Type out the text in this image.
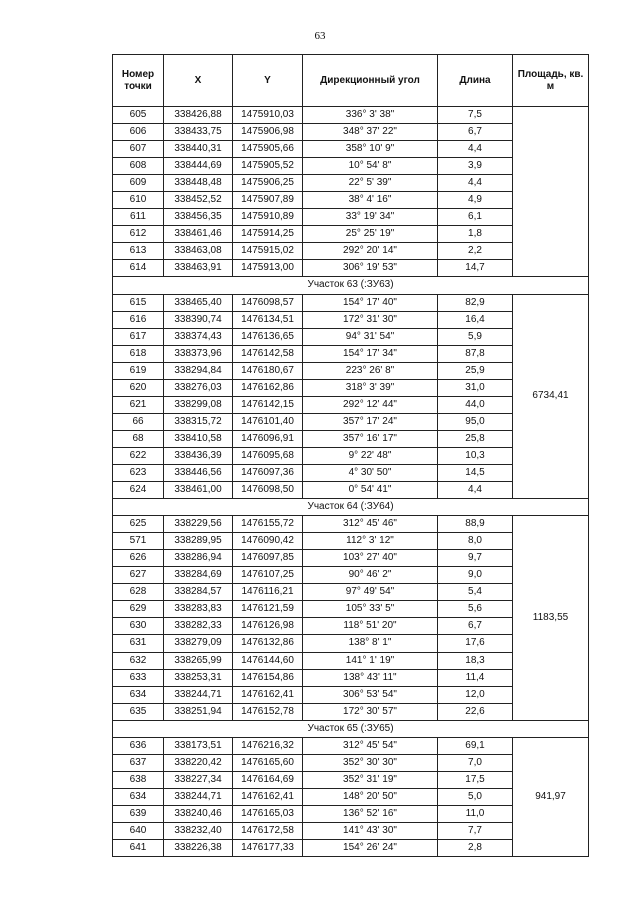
63
Номер точки	X	Y	Дирекционный угол	Длина	Площадь, кв. м
605	338426,88	1475910,03	336° 3' 38"	7,5	
606	338433,75	1475906,98	348° 37' 22"	6,7	
607	338440,31	1475905,66	358° 10' 9"	4,4	
608	338444,69	1475905,52	10° 54' 8"	3,9	
609	338448,48	1475906,25	22° 5' 39"	4,4	
610	338452,52	1475907,89	38° 4' 16"	4,9	
611	338456,35	1475910,89	33° 19' 34"	6,1	
612	338461,46	1475914,25	25° 25' 19"	1,8	
613	338463,08	1475915,02	292° 20' 14"	2,2	
614	338463,91	1475913,00	306° 19' 53"	14,7	
Участок 63 (:ЗУ63)					
615	338465,40	1476098,57	154° 17' 40"	82,9	6734,41
616	338390,74	1476134,51	172° 31' 30"	16,4	
617	338374,43	1476136,65	94° 31' 54"	5,9	
618	338373,96	1476142,58	154° 17' 34"	87,8	
619	338294,84	1476180,67	223° 26' 8"	25,9	
620	338276,03	1476162,86	318° 3' 39"	31,0	
621	338299,08	1476142,15	292° 12' 44"	44,0	
66	338315,72	1476101,40	357° 17' 24"	95,0	
68	338410,58	1476096,91	357° 16' 17"	25,8	
622	338436,39	1476095,68	9° 22' 48"	10,3	
623	338446,56	1476097,36	4° 30' 50"	14,5	
624	338461,00	1476098,50	0° 54' 41"	4,4	
Участок 64 (:ЗУ64)					
625	338229,56	1476155,72	312° 45' 46"	88,9	1183,55
571	338289,95	1476090,42	112° 3' 12"	8,0	
626	338286,94	1476097,85	103° 27' 40"	9,7	
627	338284,69	1476107,25	90° 46' 2"	9,0	
628	338284,57	1476116,21	97° 49' 54"	5,4	
629	338283,83	1476121,59	105° 33' 5"	5,6	
630	338282,33	1476126,98	118° 51' 20"	6,7	
631	338279,09	1476132,86	138° 8' 1"	17,6	
632	338265,99	1476144,60	141° 1' 19"	18,3	
633	338253,31	1476154,86	138° 43' 11"	11,4	
634	338244,71	1476162,41	306° 53' 54"	12,0	
635	338251,94	1476152,78	172° 30' 57"	22,6	
Участок 65 (:ЗУ65)					
636	338173,51	1476216,32	312° 45' 54"	69,1	941,97
637	338220,42	1476165,60	352° 30' 30"	7,0	
638	338227,34	1476164,69	352° 31' 19"	17,5	
634	338244,71	1476162,41	148° 20' 50"	5,0	
639	338240,46	1476165,03	136° 52' 16"	11,0	
640	338232,40	1476172,58	141° 43' 30"	7,7	
641	338226,38	1476177,33	154° 26' 24"	2,8	
